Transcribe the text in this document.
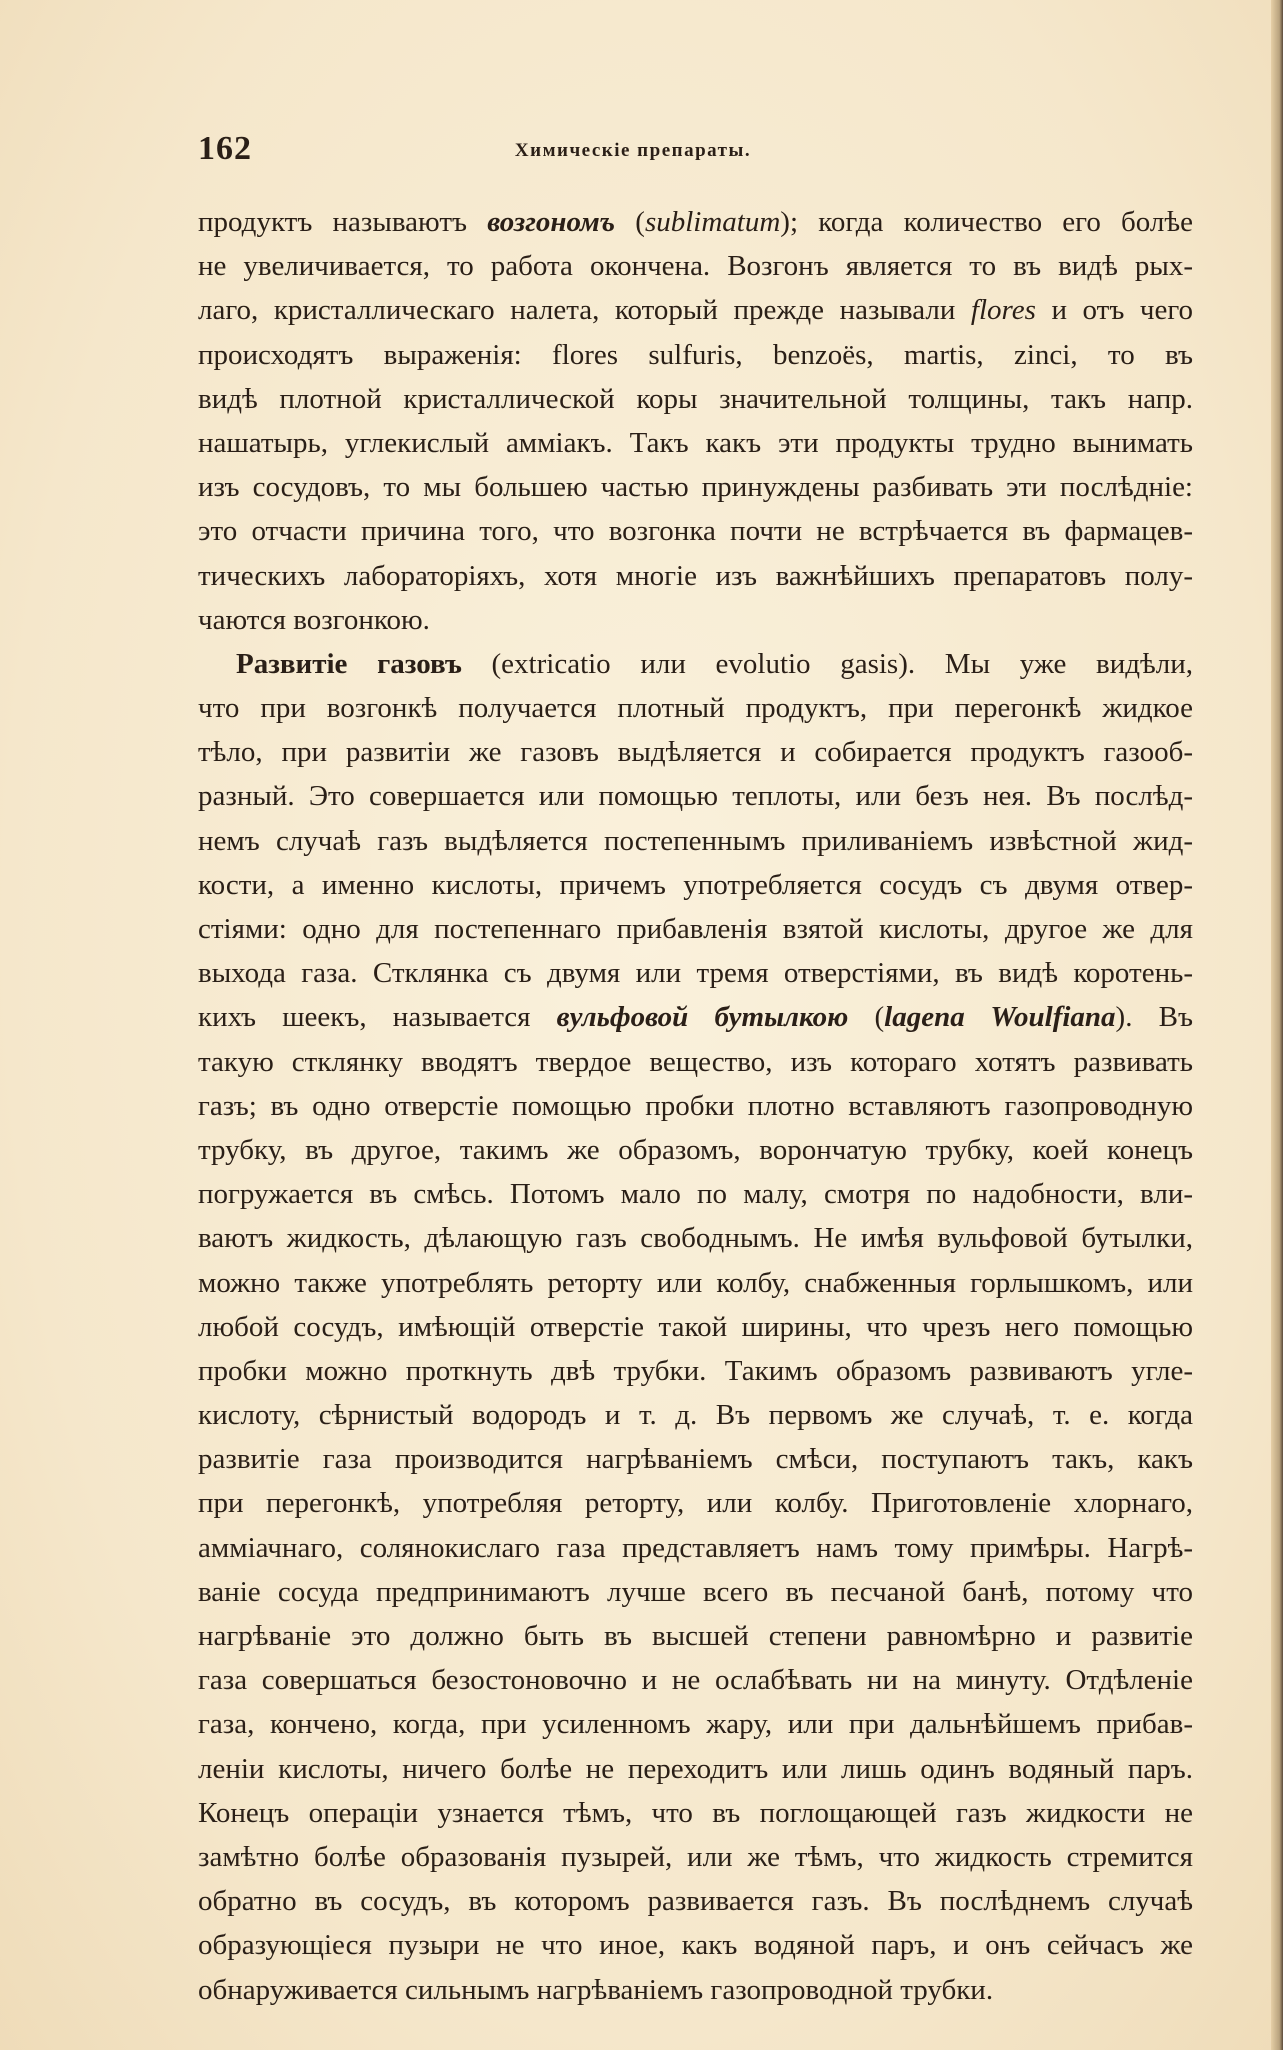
162	Химическіе препараты.
продуктъ называютъ возгономъ (sublimatum); когда количество его болѣе
не увеличивается, то работа окончена. Возгонъ является то въ видѣ рых-
лаго, кристаллическаго налета, который прежде называли flores и отъ чего
происходятъ выраженія: flores sulfuris, benzoës, martis, zinci, то въ
видѣ плотной кристаллической коры значительной толщины, такъ напр.
нашатырь, углекислый амміакъ. Такъ какъ эти продукты трудно вынимать
изъ сосудовъ, то мы большею частью принуждены разбивать эти послѣдніе:
это отчасти причина того, что возгонка почти не встрѣчается въ фармацев-
тическихъ лабораторіяхъ, хотя многіе изъ важнѣйшихъ препаратовъ полу-
чаются возгонкою.
Развитіе газовъ (extricatio или evolutio gasis). Мы уже видѣли,
что при возгонкѣ получается плотный продуктъ, при перегонкѣ жидкое
тѣло, при развитіи же газовъ выдѣляется и собирается продуктъ газооб-
разный. Это совершается или помощью теплоты, или безъ нея. Въ послѣд-
немъ случаѣ газъ выдѣляется постепеннымъ приливаніемъ извѣстной жид-
кости, а именно кислоты, причемъ употребляется сосудъ съ двумя отвер-
стіями: одно для постепеннаго прибавленія взятой кислоты, другое же для
выхода газа. Стклянка съ двумя или тремя отверстіями, въ видѣ коротень-
кихъ шеекъ, называется вульфовой бутылкою (lagena Woulfiana). Въ
такую стклянку вводятъ твердое вещество, изъ котораго хотятъ развивать
газъ; въ одно отверстіе помощью пробки плотно вставляютъ газопроводную
трубку, въ другое, такимъ же образомъ, ворончатую трубку, коей конецъ
погружается въ смѣсь. Потомъ мало по малу, смотря по надобности, вли-
ваютъ жидкость, дѣлающую газъ свободнымъ. Не имѣя вульфовой бутылки,
можно также употреблять реторту или колбу, снабженныя горлышкомъ, или
любой сосудъ, имѣющій отверстіе такой ширины, что чрезъ него помощью
пробки можно проткнуть двѣ трубки. Такимъ образомъ развиваютъ угле-
кислоту, сѣрнистый водородъ и т. д. Въ первомъ же случаѣ, т. е. когда
развитіе газа производится нагрѣваніемъ смѣси, поступаютъ такъ, какъ
при перегонкѣ, употребляя реторту, или колбу. Приготовленіе хлорнаго,
амміачнаго, солянокислаго газа представляетъ намъ тому примѣры. Нагрѣ-
ваніе сосуда предпринимаютъ лучше всего въ песчаной банѣ, потому что
нагрѣваніе это должно быть въ высшей степени равномѣрно и развитіе
газа совершаться безостоновочно и не ослабѣвать ни на минуту. Отдѣленіе
газа, кончено, когда, при усиленномъ жару, или при дальнѣйшемъ прибав-
леніи кислоты, ничего болѣе не переходитъ или лишь одинъ водяный паръ.
Конецъ операціи узнается тѣмъ, что въ поглощающей газъ жидкости не
замѣтно болѣе образованія пузырей, или же тѣмъ, что жидкость стремится
обратно въ сосудъ, въ которомъ развивается газъ. Въ послѣднемъ случаѣ
образующіеся пузыри не что иное, какъ водяной паръ, и онъ сейчасъ же
обнаруживается сильнымъ нагрѣваніемъ газопроводной трубки.
